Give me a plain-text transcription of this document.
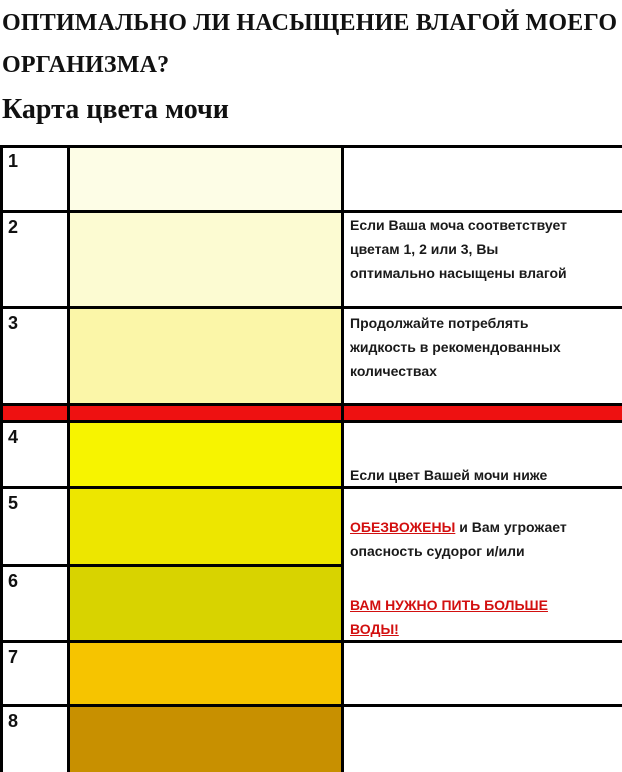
ОПТИМАЛЬНО ЛИ НАСЫЩЕНИЕ ВЛАГОЙ МОЕГО ОРГАНИЗМА?
Карта цвета мочи
1
2
3
4
5
6
7
8
Если Ваша моча соответствует
цветам 1, 2 или 3, Вы
оптимально насыщены влагой
Продолжайте потреблять
жидкость в рекомендованных
количествах
Если цвет Вашей мочи ниже
ОБЕЗВОЖЕНЫ и Вам угрожает
опасность судорог и/или
ВАМ НУЖНО ПИТЬ БОЛЬШЕ
ВОДЫ!
